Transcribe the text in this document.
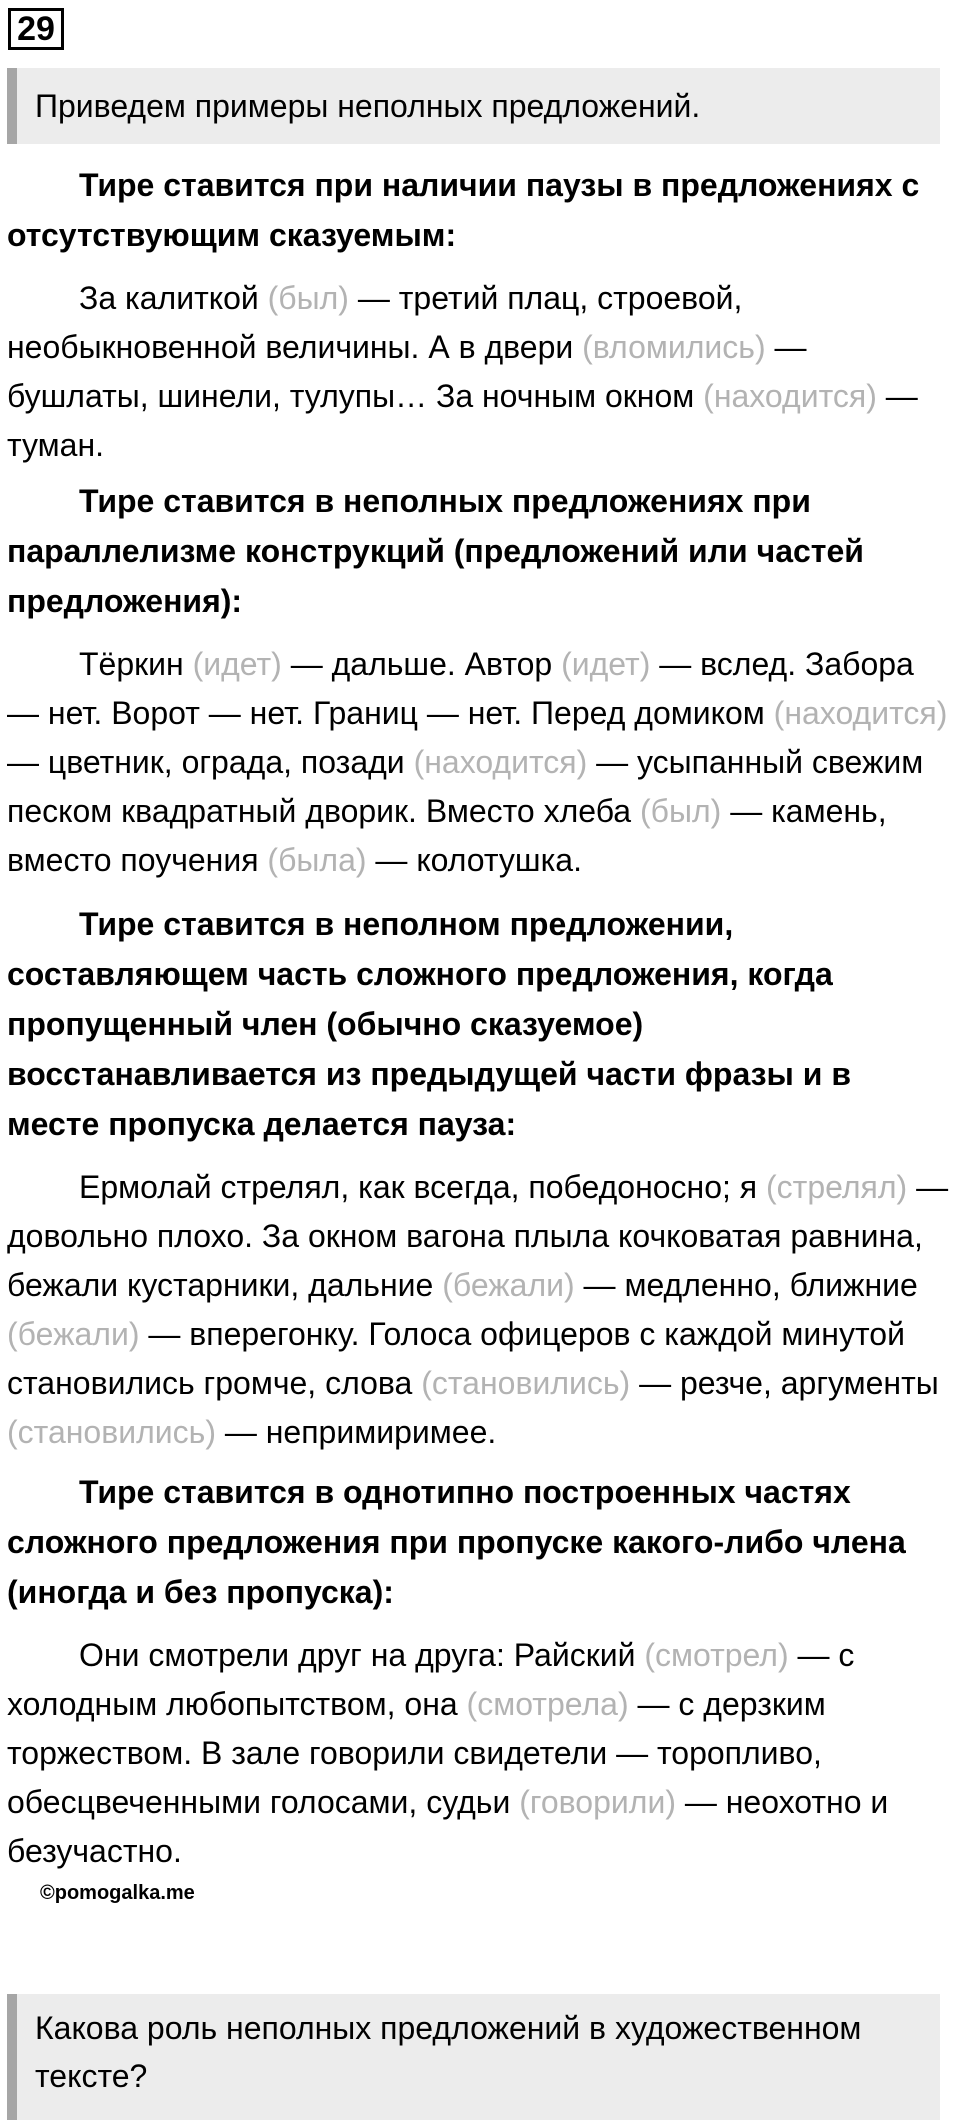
29
Приведем примеры неполных предложений.

Тире ставится при наличии паузы в предложениях с отсутствующим сказуемым:

За калиткой (был) — третий плац, строевой, необыкновенной величины. А в двери (вломились) — бушлаты, шинели, тулупы… За ночным окном (находится) — туман.

Тире ставится в неполных предложениях при параллелизме конструкций (предложений или частей предложения):

Тёркин (идет) — дальше. Автор (идет) — вслед. Забора — нет. Ворот — нет. Границ — нет. Перед домиком (находится) — цветник, ограда, позади (находится) — усыпанный свежим песком квадратный дворик. Вместо хлеба (был) — камень, вместо поучения (была) — колотушка.

Тире ставится в неполном предложении, составляющем часть сложного предложения, когда пропущенный член (обычно сказуемое) восстанавливается из предыдущей части фразы и в месте пропуска делается пауза:

Ермолай стрелял, как всегда, победоносно; я (стрелял) — довольно плохо. За окном вагона плыла кочковатая равнина, бежали кустарники, дальние (бежали) — медленно, ближние (бежали) — вперегонку. Голоса офицеров с каждой минутой становились громче, слова (становились) — резче, аргументы (становились) — непримиримее.

Тире ставится в однотипно построенных частях сложного предложения при пропуске какого-либо члена (иногда и без пропуска):

Они смотрели друг на друга: Райский (смотрел) — с холодным любопытством, она (смотрела) — с дерзким торжеством. В зале говорили свидетели — торопливо, обесцвеченными голосами, судьи (говорили) — неохотно и безучастно.

©pomogalka.me
Какова роль неполных предложений в художественном тексте?
